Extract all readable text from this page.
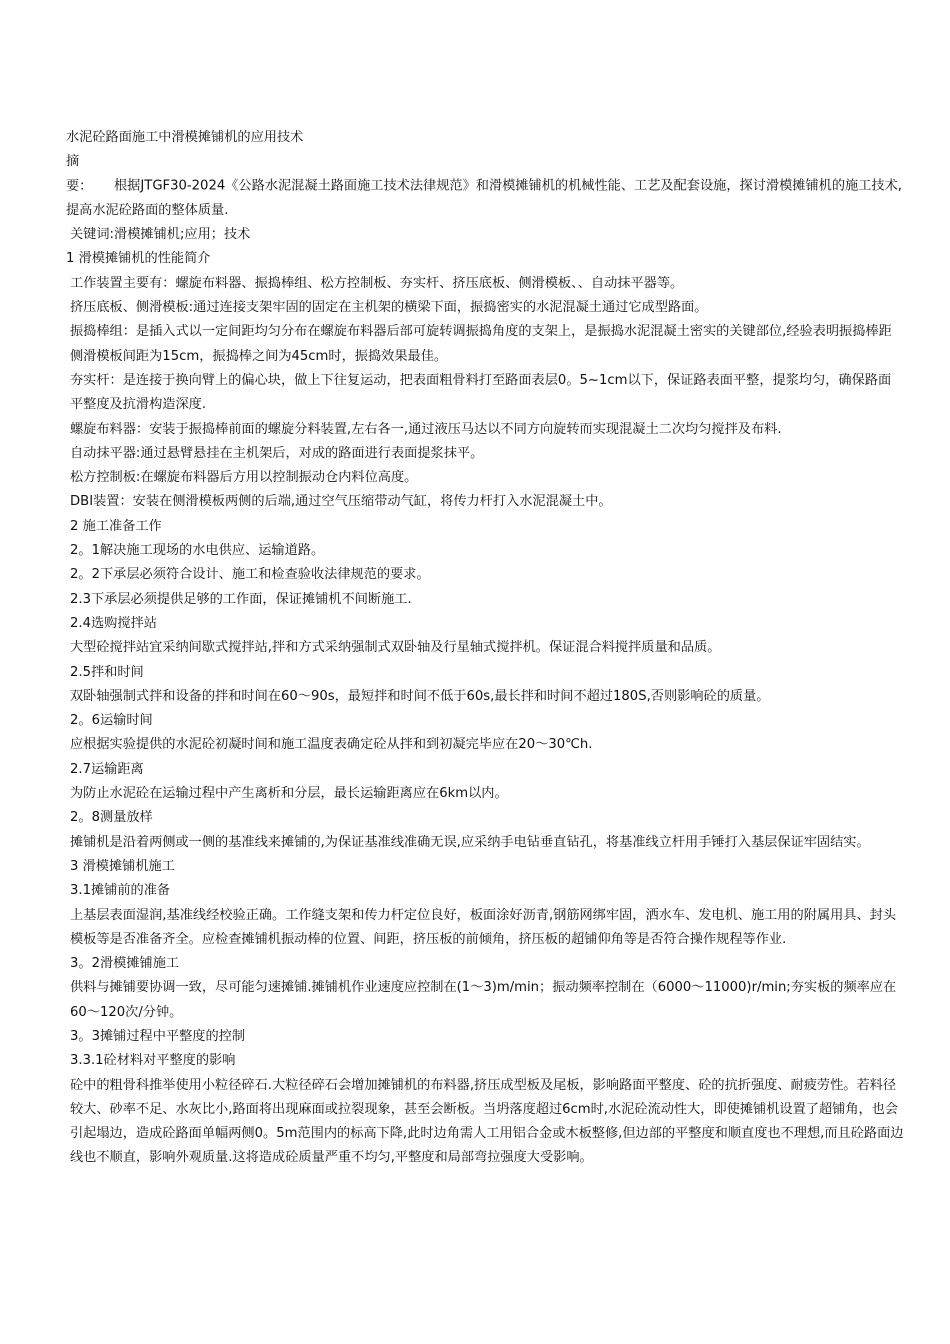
水泥砼路面施工中滑模摊铺机的应用技术

摘　　要： 根据JTGF30-2024《公路水泥混凝土路面施工技术法律规范》和滑模摊铺机的机械性能、工艺及配套设施，探讨滑模摊铺机的施工技术,提高水泥砼路面的整体质量.

关键词:滑模摊铺机;应用；技术

1 滑模摊铺机的性能简介

工作装置主要有：螺旋布料器、振捣棒组、松方控制板、夯实杆、挤压底板、侧滑模板、、自动抹平器等。

挤压底板、侧滑模板:通过连接支架牢固的固定在主机架的横梁下面，振捣密实的水泥混凝土通过它成型路面。

振捣棒组：是插入式以一定间距均匀分布在螺旋布料器后部可旋转调振捣角度的支架上，是振捣水泥混凝土密实的关键部位,经验表明振捣棒距侧滑模板间距为15cm，振捣棒之间为45cm时，振捣效果最佳。

夯实杆：是连接于换向臂上的偏心块，做上下往复运动，把表面粗骨料打至路面表层0。5~1cm以下，保证路表面平整，提浆均匀，确保路面平整度及抗滑构造深度.

螺旋布料器：安装于振捣棒前面的螺旋分料装置,左右各一,通过液压马达以不同方向旋转而实现混凝土二次均匀搅拌及布料.

自动抹平器:通过悬臂悬挂在主机架后，对成的路面进行表面提浆抹平。

松方控制板:在螺旋布料器后方用以控制振动仓内料位高度。

DBI装置：安装在侧滑模板两侧的后端,通过空气压缩带动气缸，将传力杆打入水泥混凝土中。

2 施工准备工作

2。1解决施工现场的水电供应、运输道路。

2。2下承层必须符合设计、施工和检查验收法律规范的要求。

2.3下承层必须提供足够的工作面，保证摊铺机不间断施工.

2.4选购搅拌站

大型砼搅拌站宜采纳间歇式搅拌站,拌和方式采纳强制式双卧轴及行星轴式搅拌机。保证混合料搅拌质量和品质。

2.5拌和时间

双卧轴强制式拌和设备的拌和时间在60～90s，最短拌和时间不低于60s,最长拌和时间不超过180S,否则影响砼的质量。

2。6运输时间

应根据实验提供的水泥砼初凝时间和施工温度表确定砼从拌和到初凝完毕应在20～30℃h.

2.7运输距离

为防止水泥砼在运输过程中产生离析和分层，最长运输距离应在6km以内。

2。8测量放样

摊铺机是沿着两侧或一侧的基准线来摊铺的,为保证基准线准确无误,应采纳手电钻垂直钻孔，将基准线立杆用手锤打入基层保证牢固结实。

3 滑模摊铺机施工

3.1摊铺前的准备

上基层表面湿润,基准线经校验正确。工作缝支架和传力杆定位良好，板面涂好沥青,钢筋网绑牢固，洒水车、发电机、施工用的附属用具、封头模板等是否准备齐全。应检查摊铺机振动棒的位置、间距，挤压板的前倾角，挤压板的超铺仰角等是否符合操作规程等作业.

3。2滑模摊铺施工

供料与摊铺要协调一致，尽可能匀速摊铺.摊铺机作业速度应控制在(1～3)m/min；振动频率控制在（6000～11000)r/min;夯实板的频率应在60～120次/分钟。

3。3摊铺过程中平整度的控制

3.3.1砼材料对平整度的影响

砼中的粗骨科推举使用小粒径碎石.大粒径碎石会增加摊铺机的布料器,挤压成型板及尾板，影响路面平整度、砼的抗折强度、耐疲劳性。若料径较大、砂率不足、水灰比小,路面将出现麻面或拉裂现象，甚至会断板。当坍落度超过6cm时,水泥砼流动性大，即使摊铺机设置了超铺角，也会引起塌边，造成砼路面单幅两侧0。5m范围内的标高下降,此时边角需人工用铝合金或木板整修,但边部的平整度和顺直度也不理想,而且砼路面边线也不顺直，影响外观质量.这将造成砼质量严重不均匀,平整度和局部弯拉强度大受影响。
